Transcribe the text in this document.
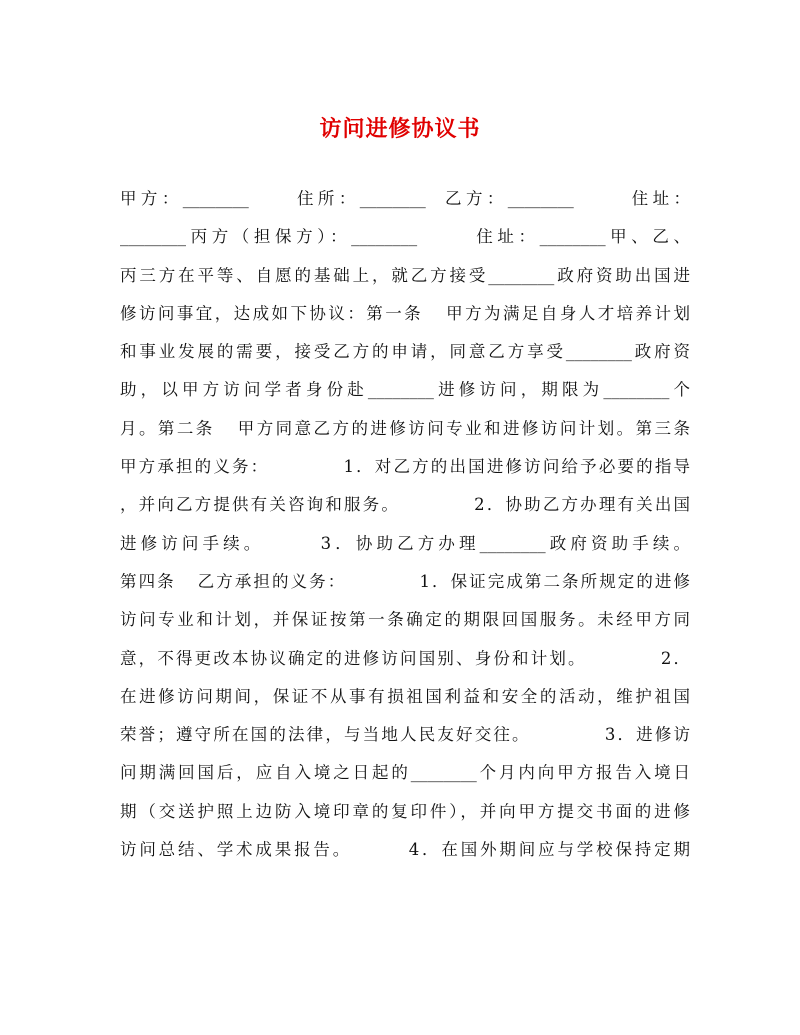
访问进修协议书
甲方：________     住所：________  乙方：________      住址：
________丙方（担保方）：________      住址：________甲、乙、
丙三方在平等、自愿的基础上，就乙方接受________政府资助出国进
修访问事宜，达成如下协议：第一条   甲方为满足自身人才培养计划
和事业发展的需要，接受乙方的申请，同意乙方享受________政府资
助，以甲方访问学者身份赴________进修访问，期限为________个
月。第二条   甲方同意乙方的进修访问专业和进修访问计划。第三条
甲方承担的义务：          1．对乙方的出国进修访问给予必要的指导
，并向乙方提供有关咨询和服务。          2．协助乙方办理有关出国
进修访问手续。      3．协助乙方办理________政府资助手续。
第四条   乙方承担的义务：          1．保证完成第二条所规定的进修
访问专业和计划，并保证按第一条确定的期限回国服务。未经甲方同
意，不得更改本协议确定的进修访问国别、身份和计划。          2．
在进修访问期间，保证不从事有损祖国利益和安全的活动，维护祖国
荣誉；遵守所在国的法律，与当地人民友好交往。          3．进修访
问期满回国后，应自入境之日起的________个月内向甲方报告入境日
期（交送护照上边防入境印章的复印件），并向甲方提交书面的进修
访问总结、学术成果报告。       4．在国外期间应与学校保持定期
